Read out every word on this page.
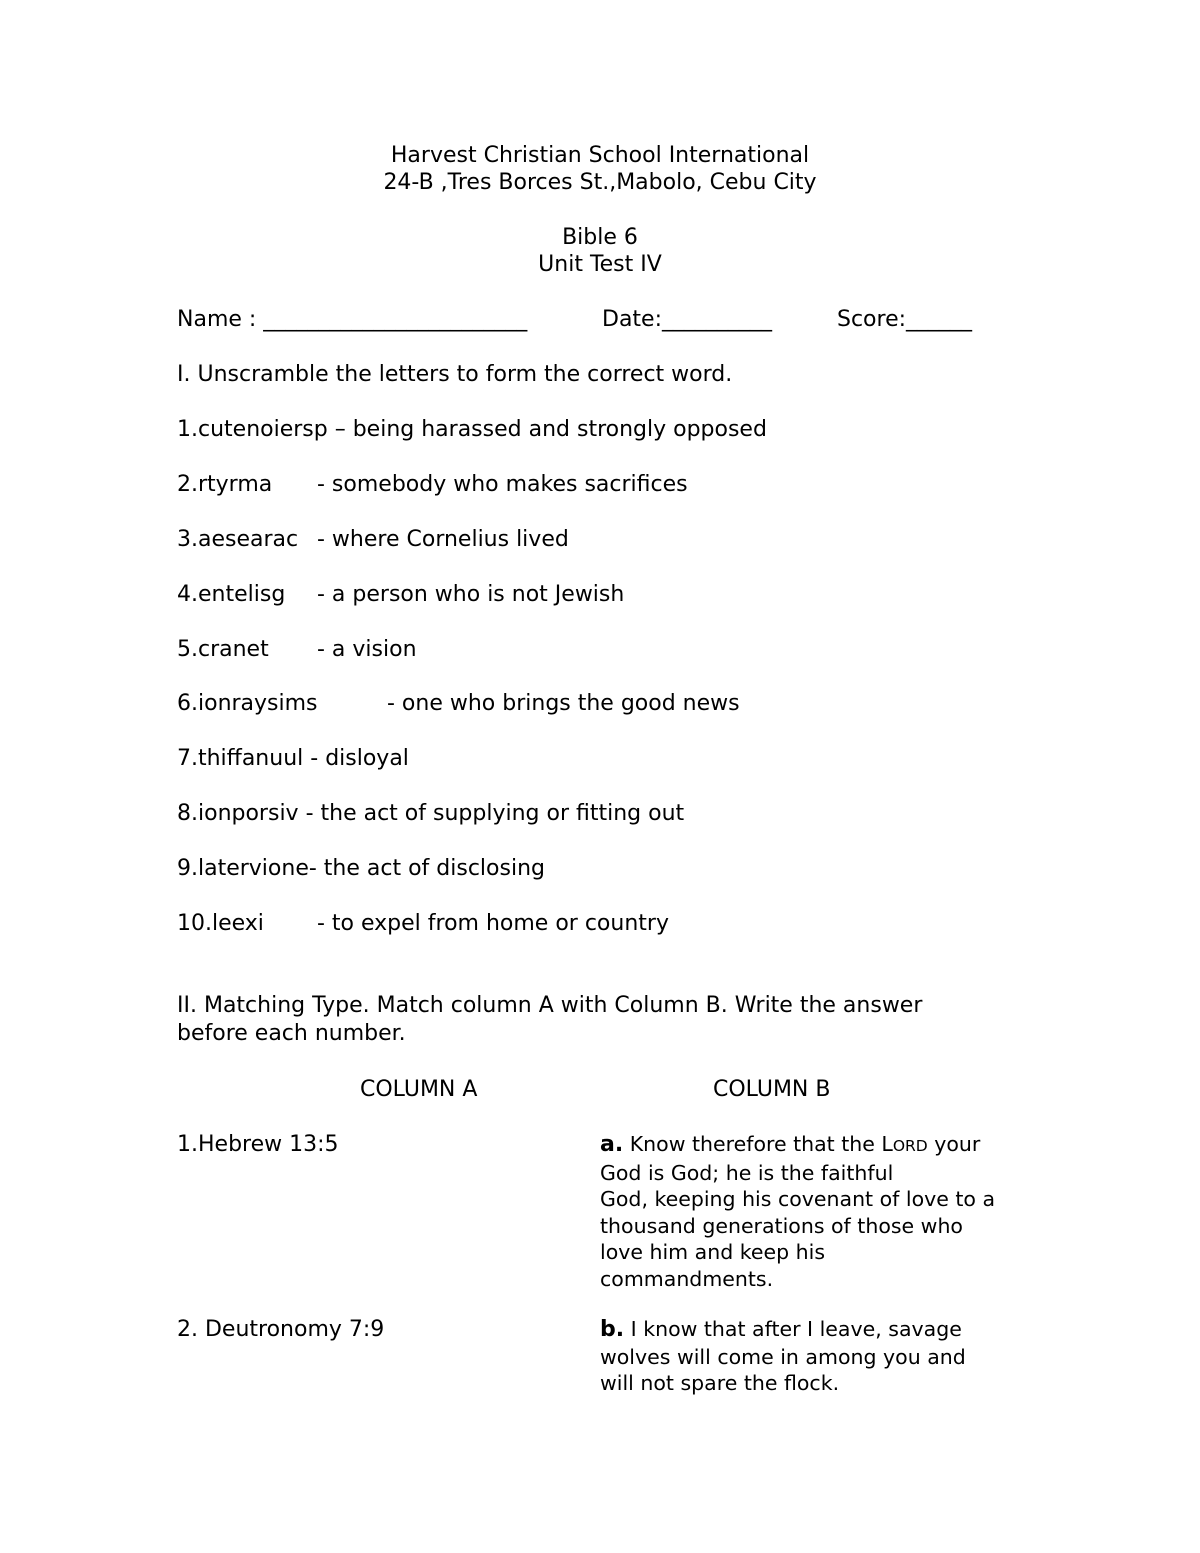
Harvest Christian School International
24-B ,Tres Borces St.,Mabolo, Cebu City
Bible 6
Unit Test IV
Name : ________________________	Date:__________	Score:______
I. Unscramble the letters to form the correct word.
1.cutenoiersp – being harassed and strongly opposed
2.rtyrma - somebody who makes sacrifices
3.aesearac - where Cornelius lived
4.entelisg - a person who is not Jewish
5.cranet - a vision
6.ionraysims	- one who brings the good news
7.thiffanuul - disloyal
8.ionporsiv - the act of supplying or fitting out
9.latervione- the act of disclosing
10.leexi - to expel from home or country
II. Matching Type. Match column A with Column B. Write the answer
before each number.
COLUMN A	COLUMN B
1.Hebrew 13:5	a. Know therefore that the LORD your
God is God; he is the faithful
God, keeping his covenant of love to a
thousand generations of those who
love him and keep his
commandments.
2. Deutronomy 7:9	b. I know that after I leave, savage
wolves will come in among you and
will not spare the flock.
